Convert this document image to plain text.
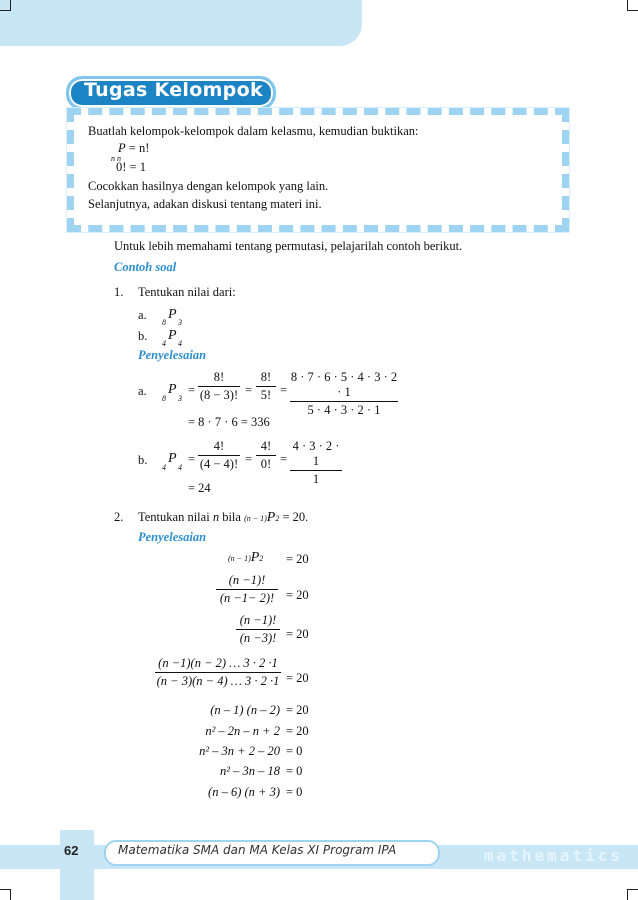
Tugas Kelompok
Buatlah kelompok-kelompok dalam kelasmu, kemudian buktikan:
P = n!
n n
0! = 1
Cocokkan hasilnya dengan kelompok yang lain.
Selanjutnya, adakan diskusi tentang materi ini.
Untuk lebih memahami tentang permutasi, pelajarilah contoh berikut.
Contoh soal
1. Tentukan nilai dari:
a.
8
P
3
b.
4
P
4
Penyelesaian
a.
8
P
3
=
8!
(8 − 3)! =
8!
5! =
8 · 7 · 6 · 5 · 4 · 3 · 2 · 1
5 · 4 · 3 · 2 · 1
= 8 · 7 · 6 = 336
b.
4
P
4
=
4!
(4 − 4)! =
4!
0! =
4 · 3 · 2 · 1
1
= 24
2. Tentukan nilai n bila (n − 1)P2 = 20.
Penyelesaian
(n − 1)P2 = 20
(n −1)!
(n −1− 2)! = 20
(n −1)!
(n −3)! = 20
(n −1)(n − 2) … 3 · 2 ·1
(n − 3)(n − 4) … 3 · 2 ·1 = 20
(n – 1) (n – 2) = 20
n² – 2n – n + 2 = 20
n² – 3n + 2 – 20 = 0
n² – 3n – 18 = 0
(n – 6) (n + 3) = 0
62	Matematika SMA dan MA Kelas XI Program IPA	mathematics
